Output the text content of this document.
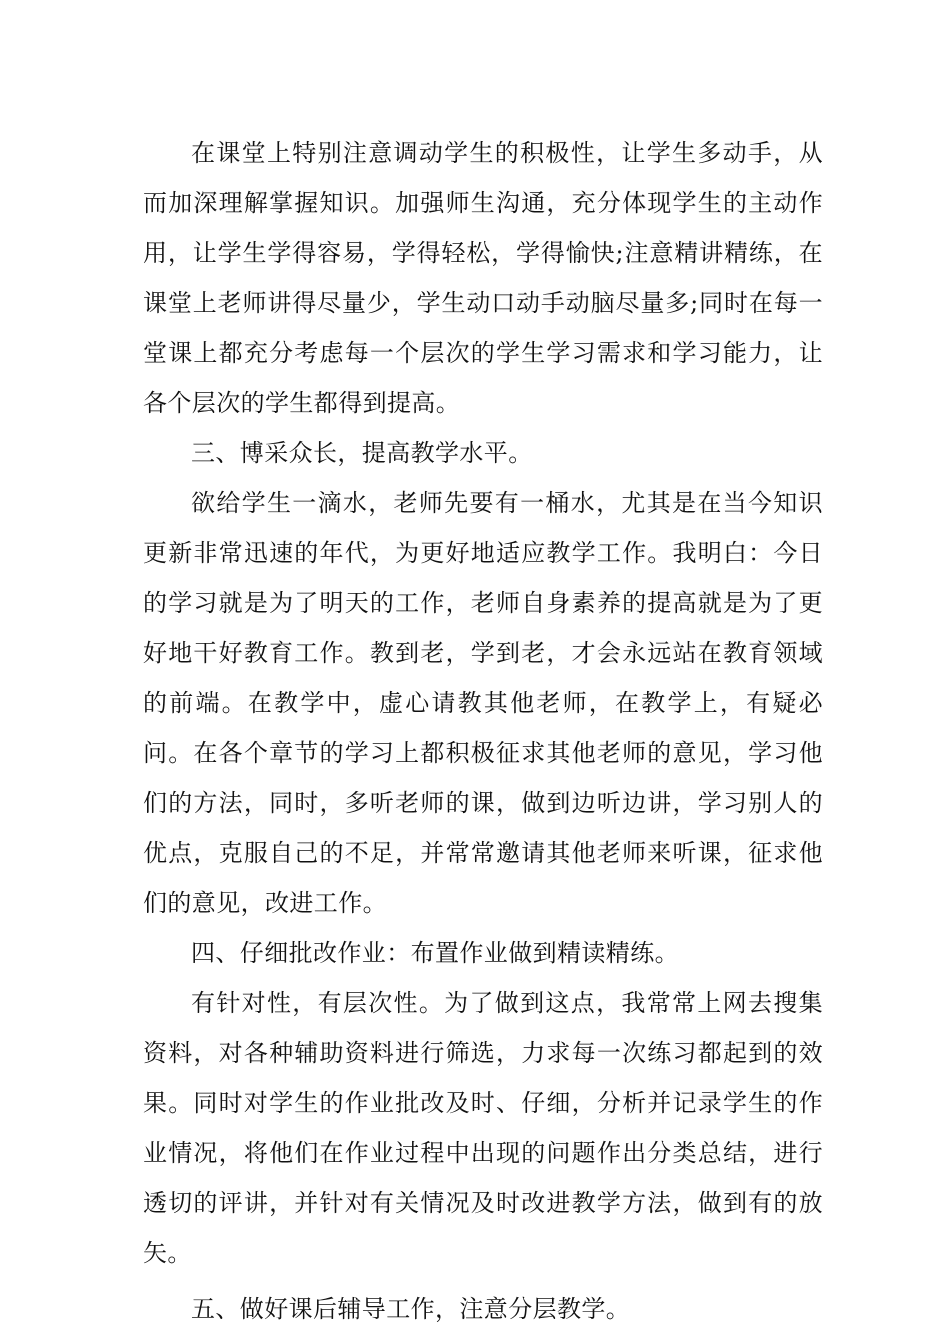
在课堂上特别注意调动学生的积极性，让学生多动手，从而加深理解掌握知识。加强师生沟通，充分体现学生的主动作用，让学生学得容易，学得轻松，学得愉快;注意精讲精练，在课堂上老师讲得尽量少，学生动口动手动脑尽量多;同时在每一堂课上都充分考虑每一个层次的学生学习需求和学习能力，让各个层次的学生都得到提高。

三、博采众长，提高教学水平。

欲给学生一滴水，老师先要有一桶水，尤其是在当今知识更新非常迅速的年代，为更好地适应教学工作。我明白：今日的学习就是为了明天的工作，老师自身素养的提高就是为了更好地干好教育工作。教到老，学到老，才会永远站在教育领域的前端。在教学中，虚心请教其他老师，在教学上，有疑必问。在各个章节的学习上都积极征求其他老师的意见，学习他们的方法，同时，多听老师的课，做到边听边讲，学习别人的优点，克服自己的不足，并常常邀请其他老师来听课，征求他们的意见，改进工作。

四、仔细批改作业：布置作业做到精读精练。

有针对性，有层次性。为了做到这点，我常常上网去搜集资料，对各种辅助资料进行筛选，力求每一次练习都起到的效果。同时对学生的作业批改及时、仔细，分析并记录学生的作业情况，将他们在作业过程中出现的问题作出分类总结，进行透切的评讲，并针对有关情况及时改进教学方法，做到有的放矢。

五、做好课后辅导工作，注意分层教学。
